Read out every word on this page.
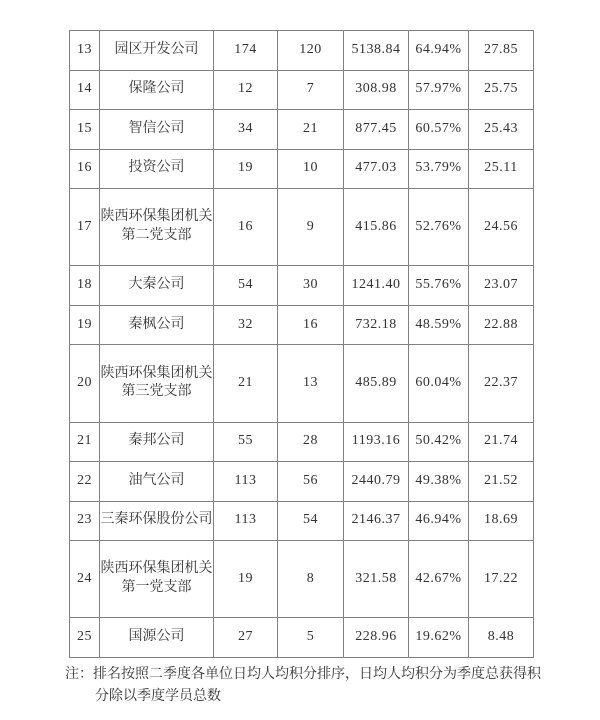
13	园区开发公司	174	120	5138.84	64.94%	27.85
14	保隆公司	12	7	308.98	57.97%	25.75
15	智信公司	34	21	877.45	60.57%	25.43
16	投资公司	19	10	477.03	53.79%	25.11
17	陕西环保集团机关第二党支部	16	9	415.86	52.76%	24.56
18	大秦公司	54	30	1241.40	55.76%	23.07
19	秦枫公司	32	16	732.18	48.59%	22.88
20	陕西环保集团机关第三党支部	21	13	485.89	60.04%	22.37
21	秦邦公司	55	28	1193.16	50.42%	21.74
22	油气公司	113	56	2440.79	49.38%	21.52
23	三秦环保股份公司	113	54	2146.37	46.94%	18.69
24	陕西环保集团机关第一党支部	19	8	321.58	42.67%	17.22
25	国源公司	27	5	228.96	19.62%	8.48
注：排名按照二季度各单位日均人均积分排序，日均人均积分为季度总获得积
分除以季度学员总数
